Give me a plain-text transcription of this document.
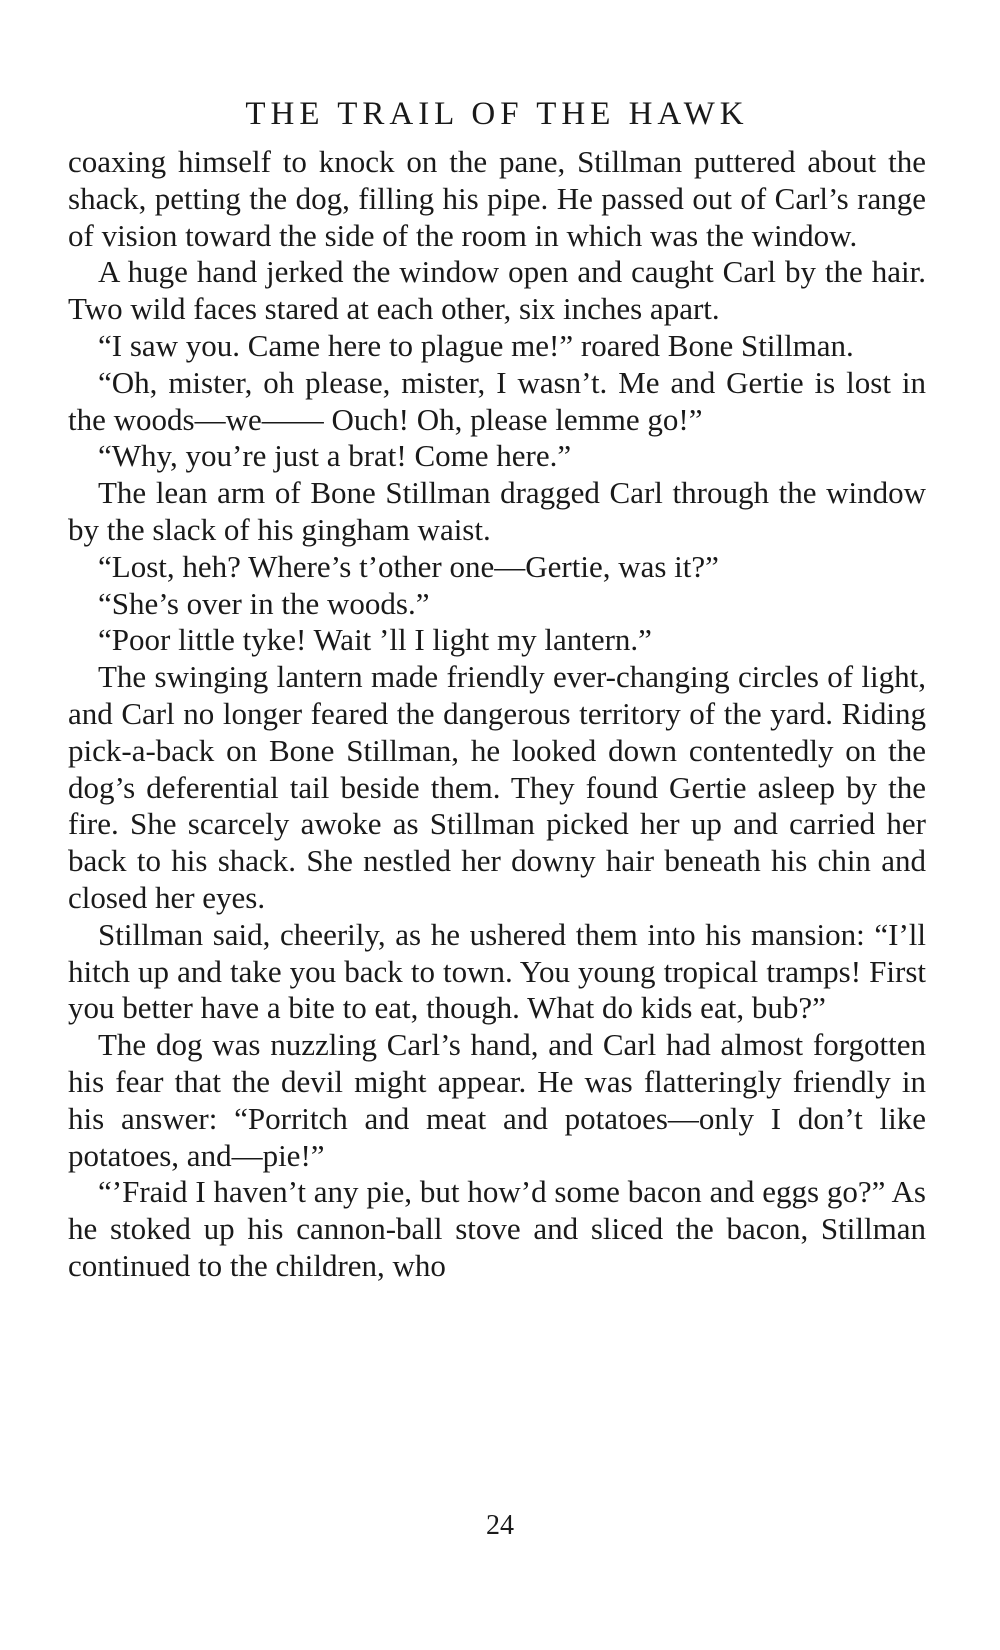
THE TRAIL OF THE HAWK

coaxing himself to knock on the pane, Stillman puttered about the shack, petting the dog, filling his pipe. He passed out of Carl’s range of vision toward the side of the room in which was the window.

A huge hand jerked the window open and caught Carl by the hair. Two wild faces stared at each other, six inches apart.

“I saw you. Came here to plague me!” roared Bone Stillman.

“Oh, mister, oh please, mister, I wasn’t. Me and Gertie is lost in the woods—we—— Ouch! Oh, please lemme go!”

“Why, you’re just a brat! Come here.”

The lean arm of Bone Stillman dragged Carl through the window by the slack of his gingham waist.

“Lost, heh? Where’s t’other one—Gertie, was it?”

“She’s over in the woods.”

“Poor little tyke! Wait ’ll I light my lantern.”

The swinging lantern made friendly ever-changing circles of light, and Carl no longer feared the dangerous territory of the yard. Riding pick-a-back on Bone Stillman, he looked down contentedly on the dog’s deferential tail beside them. They found Gertie asleep by the fire. She scarcely awoke as Stillman picked her up and carried her back to his shack. She nestled her downy hair beneath his chin and closed her eyes.

Stillman said, cheerily, as he ushered them into his mansion: “I’ll hitch up and take you back to town. You young tropical tramps! First you better have a bite to eat, though. What do kids eat, bub?”

The dog was nuzzling Carl’s hand, and Carl had almost forgotten his fear that the devil might appear. He was flatteringly friendly in his answer: “Porritch and meat and potatoes—only I don’t like potatoes, and—pie!”

“’Fraid I haven’t any pie, but how’d some bacon and eggs go?” As he stoked up his cannon-ball stove and sliced the bacon, Stillman continued to the children, who

24
